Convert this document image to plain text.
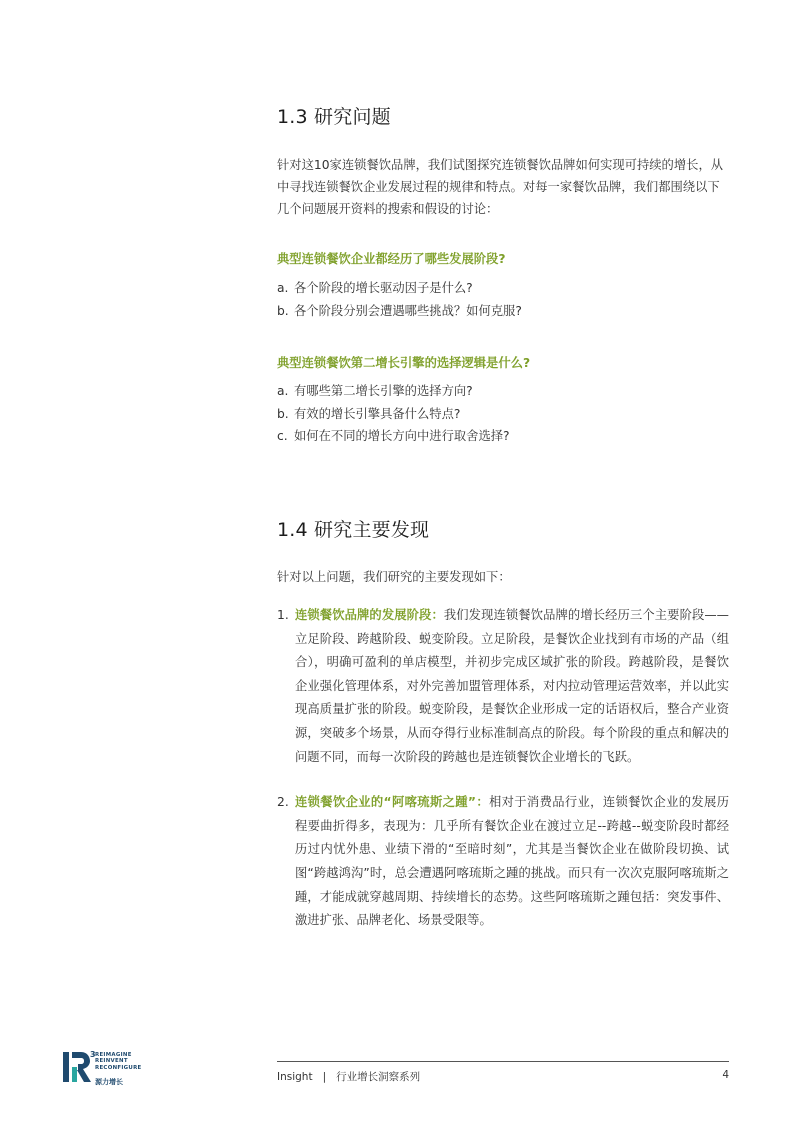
1.3 研究问题

针对这10家连锁餐饮品牌，我们试图探究连锁餐饮品牌如何实现可持续的增长，从中寻找连锁餐饮企业发展过程的规律和特点。对每一家餐饮品牌，我们都围绕以下几个问题展开资料的搜索和假设的讨论：

典型连锁餐饮企业都经历了哪些发展阶段?
a. 各个阶段的增长驱动因子是什么?
b. 各个阶段分别会遭遇哪些挑战？如何克服?
典型连锁餐饮第二增长引擎的选择逻辑是什么?
a. 有哪些第二增长引擎的选择方向?
b. 有效的增长引擎具备什么特点?
c. 如何在不同的增长方向中进行取舍选择?
1.4 研究主要发现

针对以上问题，我们研究的主要发现如下：

1. 连锁餐饮品牌的发展阶段：我们发现连锁餐饮品牌的增长经历三个主要阶段——立足阶段、跨越阶段、蜕变阶段。立足阶段，是餐饮企业找到有市场的产品（组合），明确可盈利的单店模型，并初步完成区域扩张的阶段。跨越阶段，是餐饮企业强化管理体系，对外完善加盟管理体系，对内拉动管理运营效率，并以此实现高质量扩张的阶段。蜕变阶段，是餐饮企业形成一定的话语权后，整合产业资源，突破多个场景，从而夺得行业标准制高点的阶段。每个阶段的重点和解决的问题不同，而每一次阶段的跨越也是连锁餐饮企业增长的飞跃。
2. 连锁餐饮企业的“阿喀琉斯之踵”：相对于消费品行业，连锁餐饮企业的发展历程要曲折得多，表现为：几乎所有餐饮企业在渡过立足--跨越--蜕变阶段时都经历过内忧外患、业绩下滑的“至暗时刻”，尤其是当餐饮企业在做阶段切换、试图“跨越鸿沟”时，总会遭遇阿喀琉斯之踵的挑战。而只有一次次克服阿喀琉斯之踵，才能成就穿越周期、持续增长的态势。这些阿喀琉斯之踵包括：突发事件、激进扩张、品牌老化、场景受限等。
3 REIMAGINE
REINVENT
RECONFIGURE
源力增长	Insight | 行业增长洞察系列	4
